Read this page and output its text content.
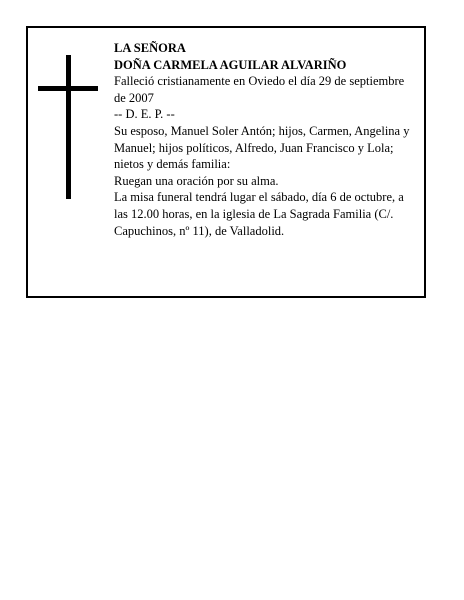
LA SEÑORA

DOÑA CARMELA AGUILAR ALVARIÑO

Falleció cristianamente en Oviedo el día 29 de septiembre de 2007

-- D. E. P. --

Su esposo, Manuel Soler Antón; hijos, Carmen, Angelina y Manuel; hijos políticos, Alfredo, Juan Francisco y Lola; nietos y demás familia:

Ruegan una oración por su alma.

La misa funeral tendrá lugar el sábado, día 6 de octubre, a las 12.00 horas, en la iglesia de La Sagrada Familia (C/. Capuchinos, nº 11), de Valladolid.
